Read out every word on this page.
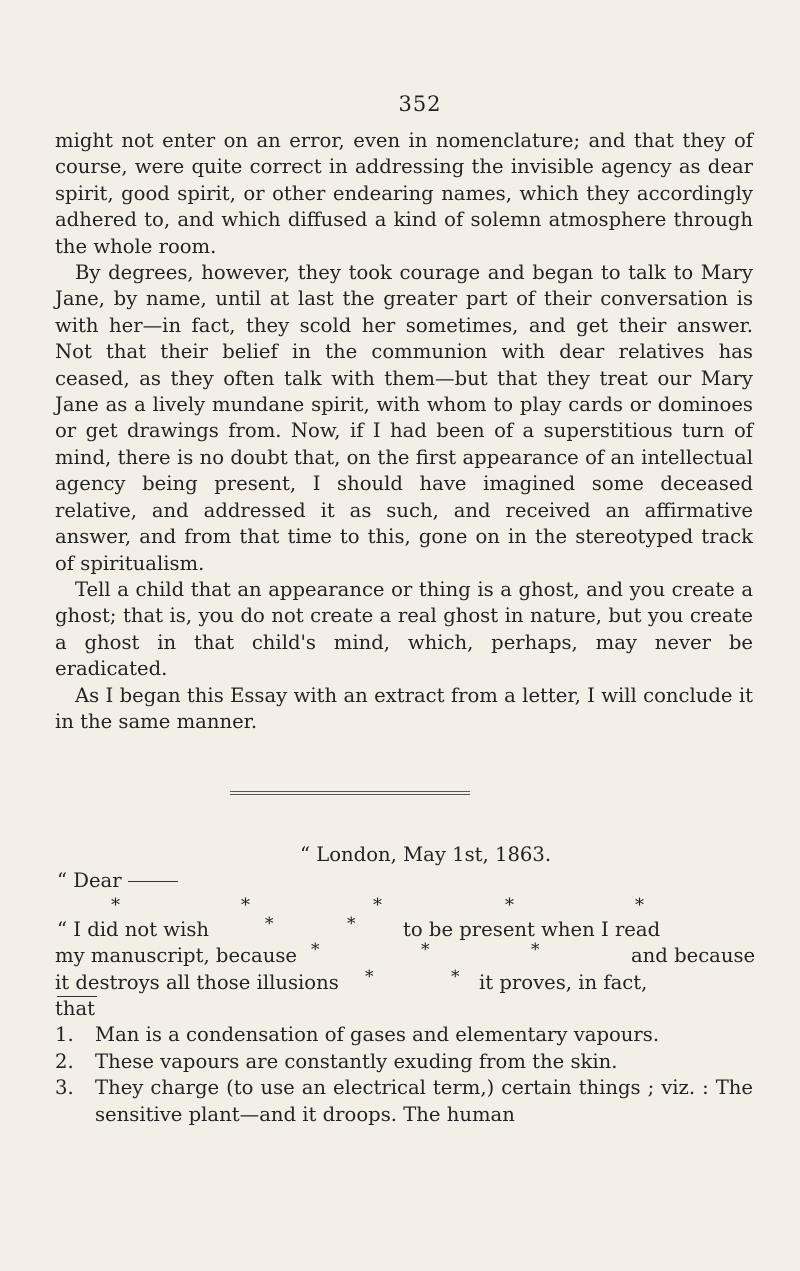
352

might not enter on an error, even in nomenclature; and that they of course, were quite correct in addressing the invisible agency as dear spirit, good spirit, or other endearing names, which they accordingly adhered to, and which diffused a kind of solemn atmosphere through the whole room.

By degrees, however, they took courage and began to talk to Mary Jane, by name, until at last the greater part of their conversation is with her—in fact, they scold her sometimes, and get their answer. Not that their belief in the communion with dear relatives has ceased, as they often talk with them—but that they treat our Mary Jane as a lively mundane spirit, with whom to play cards or dominoes or get drawings from. Now, if I had been of a superstitious turn of mind, there is no doubt that, on the first appearance of an intellectual agency being present, I should have imagined some deceased relative, and addressed it as such, and received an affirmative answer, and from that time to this, gone on in the stereotyped track of spiritualism.

Tell a child that an appearance or thing is a ghost, and you create a ghost; that is, you do not create a real ghost in nature, but you create a ghost in that child's mind, which, perhaps, may never be eradicated.

As I began this Essay with an extract from a letter, I will conclude it in the same manner.

“ London, May 1st, 1863.
“ Dear
*	*	*	*	*
“ I did not wish	*	* to be present when I read
my manuscript, because *	*	*	and because
it destroys all those illusions *	* it proves, in fact,
that
1. Man is a condensation of gases and elementary vapours.
2. These vapours are constantly exuding from the skin.
3. They charge (to use an electrical term,) certain things ; viz. : The sensitive plant—and it droops. The human
